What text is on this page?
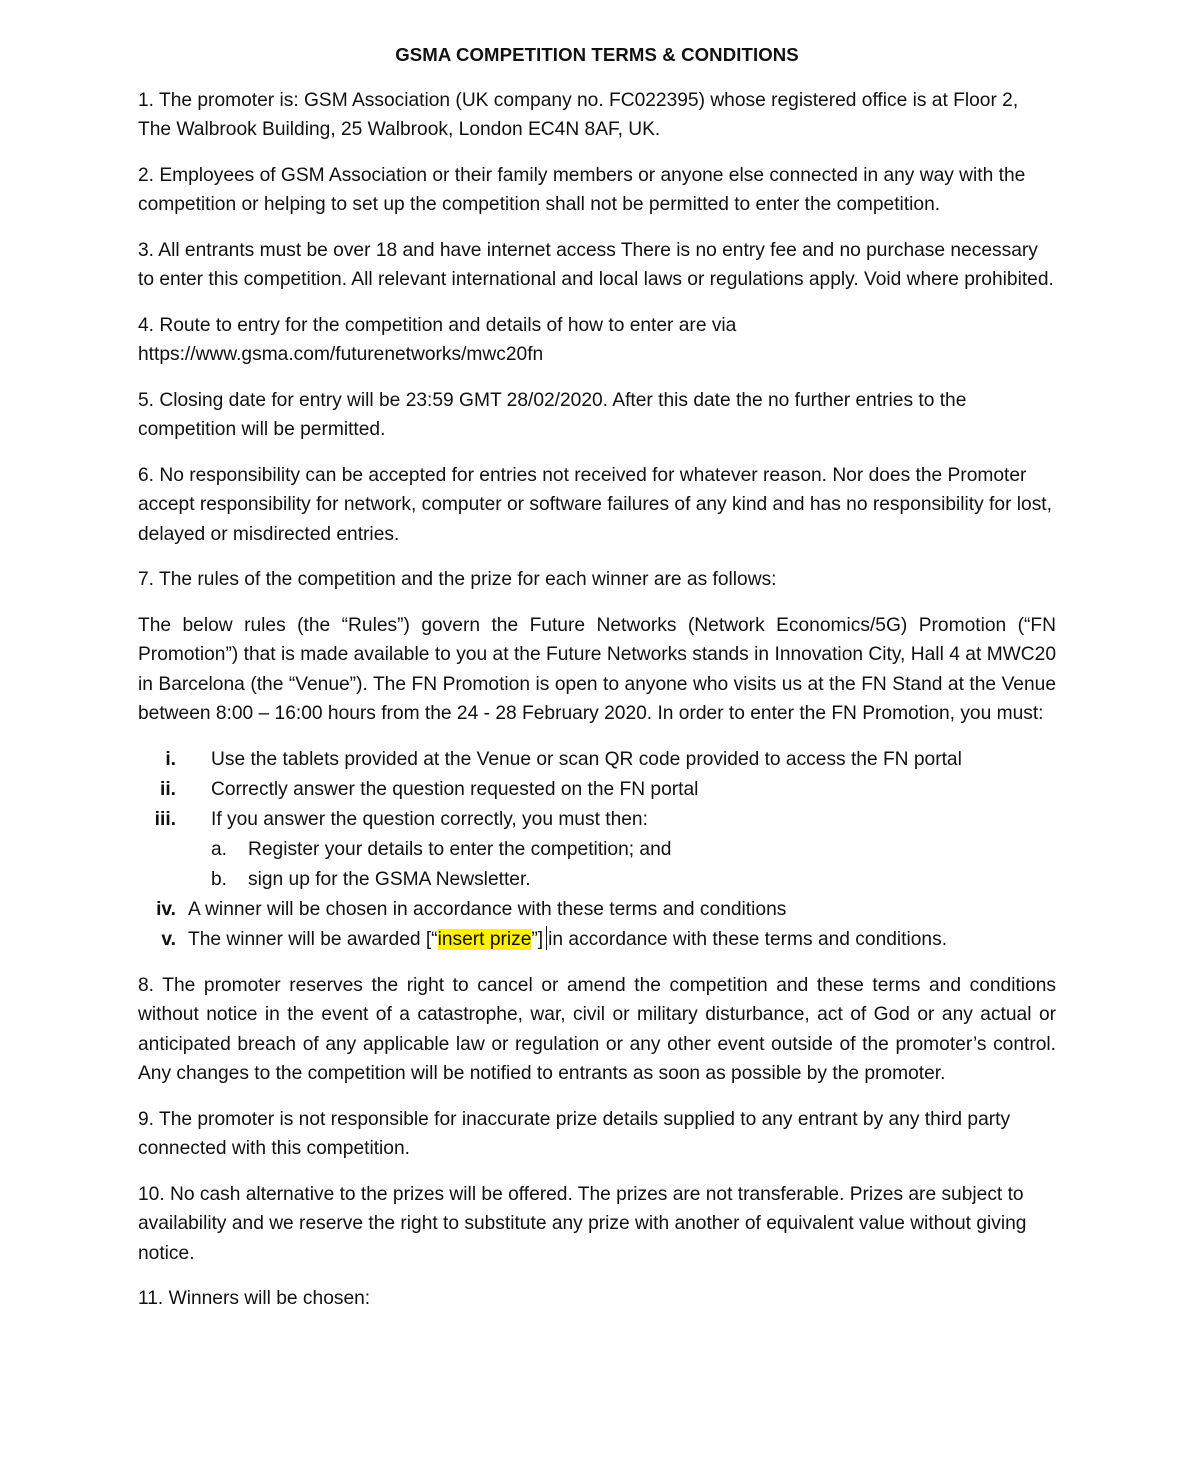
GSMA COMPETITION TERMS & CONDITIONS

1. The promoter is: GSM Association (UK company no. FC022395) whose registered office is at Floor 2, The Walbrook Building, 25 Walbrook, London EC4N 8AF, UK.

2. Employees of GSM Association or their family members or anyone else connected in any way with the competition or helping to set up the competition shall not be permitted to enter the competition.

3. All entrants must be over 18 and have internet access There is no entry fee and no purchase necessary to enter this competition. All relevant international and local laws or regulations apply. Void where prohibited.

4. Route to entry for the competition and details of how to enter are via https://www.gsma.com/futurenetworks/mwc20fn

5. Closing date for entry will be 23:59 GMT 28/02/2020. After this date the no further entries to the competition will be permitted.

6. No responsibility can be accepted for entries not received for whatever reason. Nor does the Promoter accept responsibility for network, computer or software failures of any kind and has no responsibility for lost, delayed or misdirected entries.

7. The rules of the competition and the prize for each winner are as follows:

The below rules (the “Rules”) govern the Future Networks (Network Economics/5G) Promotion (“FN Promotion”) that is made available to you at the Future Networks stands in Innovation City, Hall 4 at MWC20 in Barcelona (the “Venue”). The FN Promotion is open to anyone who visits us at the FN Stand at the Venue between 8:00 – 16:00 hours from the 24 - 28 February 2020. In order to enter the FN Promotion, you must:

i. Use the tablets provided at the Venue or scan QR code provided to access the FN portal
ii. Correctly answer the question requested on the FN portal
iii. If you answer the question correctly, you must then:
a. Register your details to enter the competition; and
b. sign up for the GSMA Newsletter.
iv. A winner will be chosen in accordance with these terms and conditions
v. The winner will be awarded [“insert prize”] in accordance with these terms and conditions.

8. The promoter reserves the right to cancel or amend the competition and these terms and conditions without notice in the event of a catastrophe, war, civil or military disturbance, act of God or any actual or anticipated breach of any applicable law or regulation or any other event outside of the promoter’s control. Any changes to the competition will be notified to entrants as soon as possible by the promoter.

9. The promoter is not responsible for inaccurate prize details supplied to any entrant by any third party connected with this competition.

10. No cash alternative to the prizes will be offered. The prizes are not transferable. Prizes are subject to availability and we reserve the right to substitute any prize with another of equivalent value without giving notice.

11. Winners will be chosen:
